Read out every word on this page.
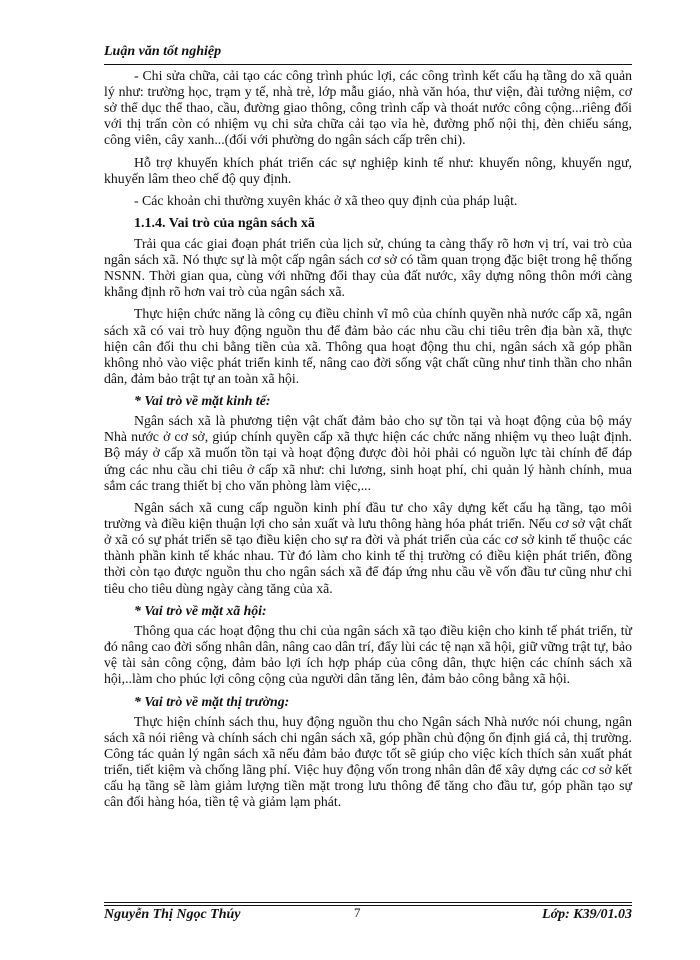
Luận văn tốt nghiệp

- Chi sửa chữa, cải tạo các công trình phúc lợi, các công trình kết cấu hạ tầng do xã quản lý như: trường học, trạm y tế, nhà trẻ, lớp mẫu giáo, nhà văn hóa, thư viện, đài tưởng niệm, cơ sở thể dục thể thao, cầu, đường giao thông, công trình cấp và thoát nước công cộng...riêng đối với thị trấn còn có nhiệm vụ chi sửa chữa cải tạo vỉa hè, đường phố nội thị, đèn chiếu sáng, công viên, cây xanh...(đối với phường do ngân sách cấp trên chi).

Hỗ trợ khuyến khích phát triển các sự nghiệp kinh tế như: khuyến nông, khuyến ngư, khuyến lâm theo chế độ quy định.

- Các khoản chi thường xuyên khác ở xã theo quy định của pháp luật.

1.1.4. Vai trò của ngân sách xã

Trải qua các giai đoạn phát triển của lịch sử, chúng ta càng thấy rõ hơn vị trí, vai trò của ngân sách xã. Nó thực sự là một cấp ngân sách cơ sở có tầm quan trọng đặc biệt trong hệ thống NSNN. Thời gian qua, cùng với những đổi thay của đất nước, xây dựng nông thôn mới càng khẳng định rõ hơn vai trò của ngân sách xã.

Thực hiện chức năng là công cụ điều chỉnh vĩ mô của chính quyền nhà nước cấp xã, ngân sách xã có vai trò huy động nguồn thu để đảm bảo các nhu cầu chi tiêu trên địa bàn xã, thực hiện cân đối thu chi bằng tiền của xã. Thông qua hoạt động thu chi, ngân sách xã góp phần không nhỏ vào việc phát triển kinh tế, nâng cao đời sống vật chất cũng như tinh thần cho nhân dân, đảm bảo trật tự an toàn xã hội.

* Vai trò về mặt kinh tế:

Ngân sách xã là phương tiện vật chất đảm bảo cho sự tồn tại và hoạt động của bộ máy Nhà nước ở cơ sở, giúp chính quyền cấp xã thực hiện các chức năng nhiệm vụ theo luật định. Bộ máy ở cấp xã muốn tồn tại và hoạt động được đòi hỏi phải có nguồn lực tài chính để đáp ứng các nhu cầu chi tiêu ở cấp xã như: chi lương, sinh hoạt phí, chi quản lý hành chính, mua sắm các trang thiết bị cho văn phòng làm việc,...

Ngân sách xã cung cấp nguồn kinh phí đầu tư cho xây dựng kết cấu hạ tầng, tạo môi trường và điều kiện thuận lợi cho sản xuất và lưu thông hàng hóa phát triển. Nếu cơ sở vật chất ở xã có sự phát triển sẽ tạo điều kiện cho sự ra đời và phát triển của các cơ sở kinh tế thuộc các thành phần kinh tế khác nhau. Từ đó làm cho kinh tế thị trường có điều kiện phát triển, đồng thời còn tạo được nguồn thu cho ngân sách xã để đáp ứng nhu cầu về vốn đầu tư cũng như chi tiêu cho tiêu dùng ngày càng tăng của xã.

* Vai trò về mặt xã hội:

Thông qua các hoạt động thu chi của ngân sách xã tạo điều kiện cho kinh tế phát triển, từ đó nâng cao đời sống nhân dân, nâng cao dân trí, đẩy lùi các tệ nạn xã hội, giữ vững trật tự, bảo vệ tài sản công cộng, đảm bảo lợi ích hợp pháp của công dân, thực hiện các chính sách xã hội,..làm cho phúc lợi công cộng của người dân tăng lên, đảm bảo công bằng xã hội.

* Vai trò về mặt thị trường:

Thực hiện chính sách thu, huy động nguồn thu cho Ngân sách Nhà nước nói chung, ngân sách xã nói riêng và chính sách chi ngân sách xã, góp phần chủ động ổn định giá cả, thị trường. Công tác quản lý ngân sách xã nếu đảm bảo được tốt sẽ giúp cho việc kích thích sản xuất phát triển, tiết kiệm và chống lãng phí. Việc huy động vốn trong nhân dân để xây dựng các cơ sở kết cấu hạ tầng sẽ làm giảm lượng tiền mặt trong lưu thông để tăng cho đầu tư, góp phần tạo sự cân đối hàng hóa, tiền tệ và giảm lạm phát.

Nguyễn Thị Ngọc Thúy	7	Lớp: K39/01.03
